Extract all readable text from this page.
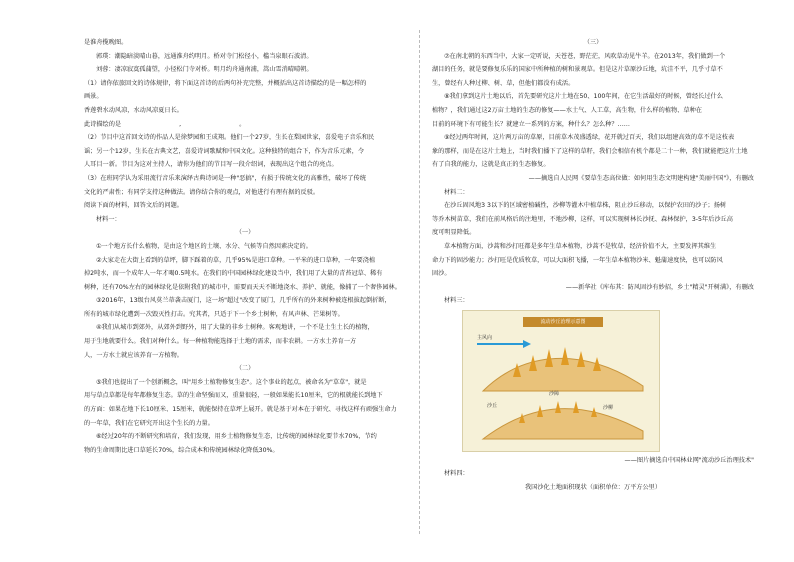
是淮舟揽晚图。

郭璞：潮隐暗淡晴山暮，远通淮舟约明月。桥对寺门松径小，槛当泉眼石波清。

刘蓉：凄凉寂寞孤蒲望，小径松门寺对桥。明月约舟通南浦，嵩山雪消晴晴朝。

（1）请你依旅回文的诗体规律，将下面这首诗的后两句补充完整，并概括出这首诗描绘的是一幅怎样的

画景。

香莲碧水动风凉，水动风凉夏日长。

此诗描绘的是	,	。

（2）节目中这首回文诗的作品人是徐梦园和王成翔。他们一个27岁，生长在梨园世家，喜爱电子音乐和民

谣；另一个12岁，生长在古典文艺，喜爱诗词歌赋和中国文化。这种独特的组合下，作为音乐元素，令

人耳目一新。节目为这对主持人，请你为他们的节目写一段介绍词，表现出这个组合的亮点。

（3）在班同学认为采用流行音乐来演绎古典诗词是一种"恶搞"，有损于传统文化的高雅性，破坏了传统

文化的严肃性；有同学支持这种做法。请你结合你的观点，对他进行有理有据的反驳。

阅读下面的材料，回答文后的问题。

材料一：

（一）

①一个地方长什么植物，是由这个地区的土壤、水分、气候等自然因素决定的。

②大家走在大街上看到的草坪，脚下踩着的草，几乎95%是进口草种。一平米的进口草种，一年要浇植

掉2吨水，而一个成年人一年才喝0.5吨水。在我们的中国园林绿化建设当中，我们用了大量的青苔冠草、稀有

树种，还有70%左右的园林绿化是依附我们的城市中，需要而天天不断地浇水、养护、就能，像捕了一个奢侈园林。

③2016年，13级台风莫兰蒂袭击厦门，这一场"超过"改变了厦门，几乎所有的外来树种被连根拔起倒折断，

所有的城市绿化遭到一次毁灭性打击。究其者，只适于下一个乡土树种，有风声林、芒果树等。

④我们从城市到郊外，从郊外到野外，用了大量的非乡土树种。客观地讲，一个不是土生土长的植物，

用于生地就要什么。我们对种什么。每一种植物能选择于土地的需求，而非农耕。一方水土养育一方

人，一方水土就应该养育一方植物。

（二）

⑤我们也提出了一个创新概念，叫"用乡土植物修复生态"。这个事业的起点，被命名为"草草"，就是

用与草点草都是每年都修复生态。草的生命坚强而又，重量很轻，一般如果能长10厘米，它的根就能长到地下

的方面：如果在地下长10厘米、15厘米，就能保持在草坪上展开。就是基于对本在于研究、寻找这样有顽强生命力

的一年草，我们在它研究开出这个生长的力量。

⑥经过20年的不断研究和培育，我们发现，用乡土植物修复生态，比传统的园林绿化要节水70%，节约

物的生命周期比进口草延长70%，综合成本和传统园林绿化降低30%。

（三）

⑦在南北朝的东西当中，大家一定听说，天苍苍，野茫茫，风吹草动见牛羊。在2013年，我们做到一个

湖目的任务，就是要修复乐乐的国家中所种植的树和景观草。但是这片草原沙丘地，坑洼不平，几乎寸草不

生，曾经有人种过柳、树、草，但他们都没有成活。

⑧我们拿到这片土地以后，首先要研究这片土地在50、100年间，在它生活最好的时候，曾经长过什么

植物？，我们通过这2万亩土地的生态的修复——水土气、人工草，高生物，什么样的植物、草种在

目前的环境下有可能生长？就建立一系列的方案，种什么？怎么种？……

⑨经过两年时间，这片两万亩的草原，目前草木茂盛透绿，花开就过百天，我们以组建高效的草不是这枝表

象的那样，而是在这片土地上，当时我们播下了这样的草籽，我们会相信有机个都是二十一种，我们就能把这片土地

有了自我的能力，这就是真正的生态修复。

——摘选自人民网《要草生态高位做：如何用生态文明建构建"美丽中国"》，有删改

材料二：

在沙丘固风地3 3以下的区域密植碱性，沙柳等灌木中植草株，阻止沙丘移动，以保护农田的沙子；扬树

等乔木树苗草，我们在前风格后的注地里，不地沙柳，这样，可以实现树林长沙抚、森林保护，3-5年后沙丘高

度可明显降低。

草本植物方面，沙蒿和沙打旺都是多年生草本植物，沙蒿不是牧草，经济价值不大，主要发挥其维生

命力下的固沙能力；沙打旺是优质牧草，可以大面积飞播，一年生草本植物沙米、魁蒲速度快，也可以防风

固沙。

——新华社《库布其：防风固沙有妙招，乡土"精灵"开树满》，有删改

材料三：

流动沙丘治理示意图
主风向
沙丘
沙障
沙柳

——图片摘选自中国林业网"流动沙丘治理技术"

材料四：

我国沙化土地面积现状（面积单位：万平方公里）
